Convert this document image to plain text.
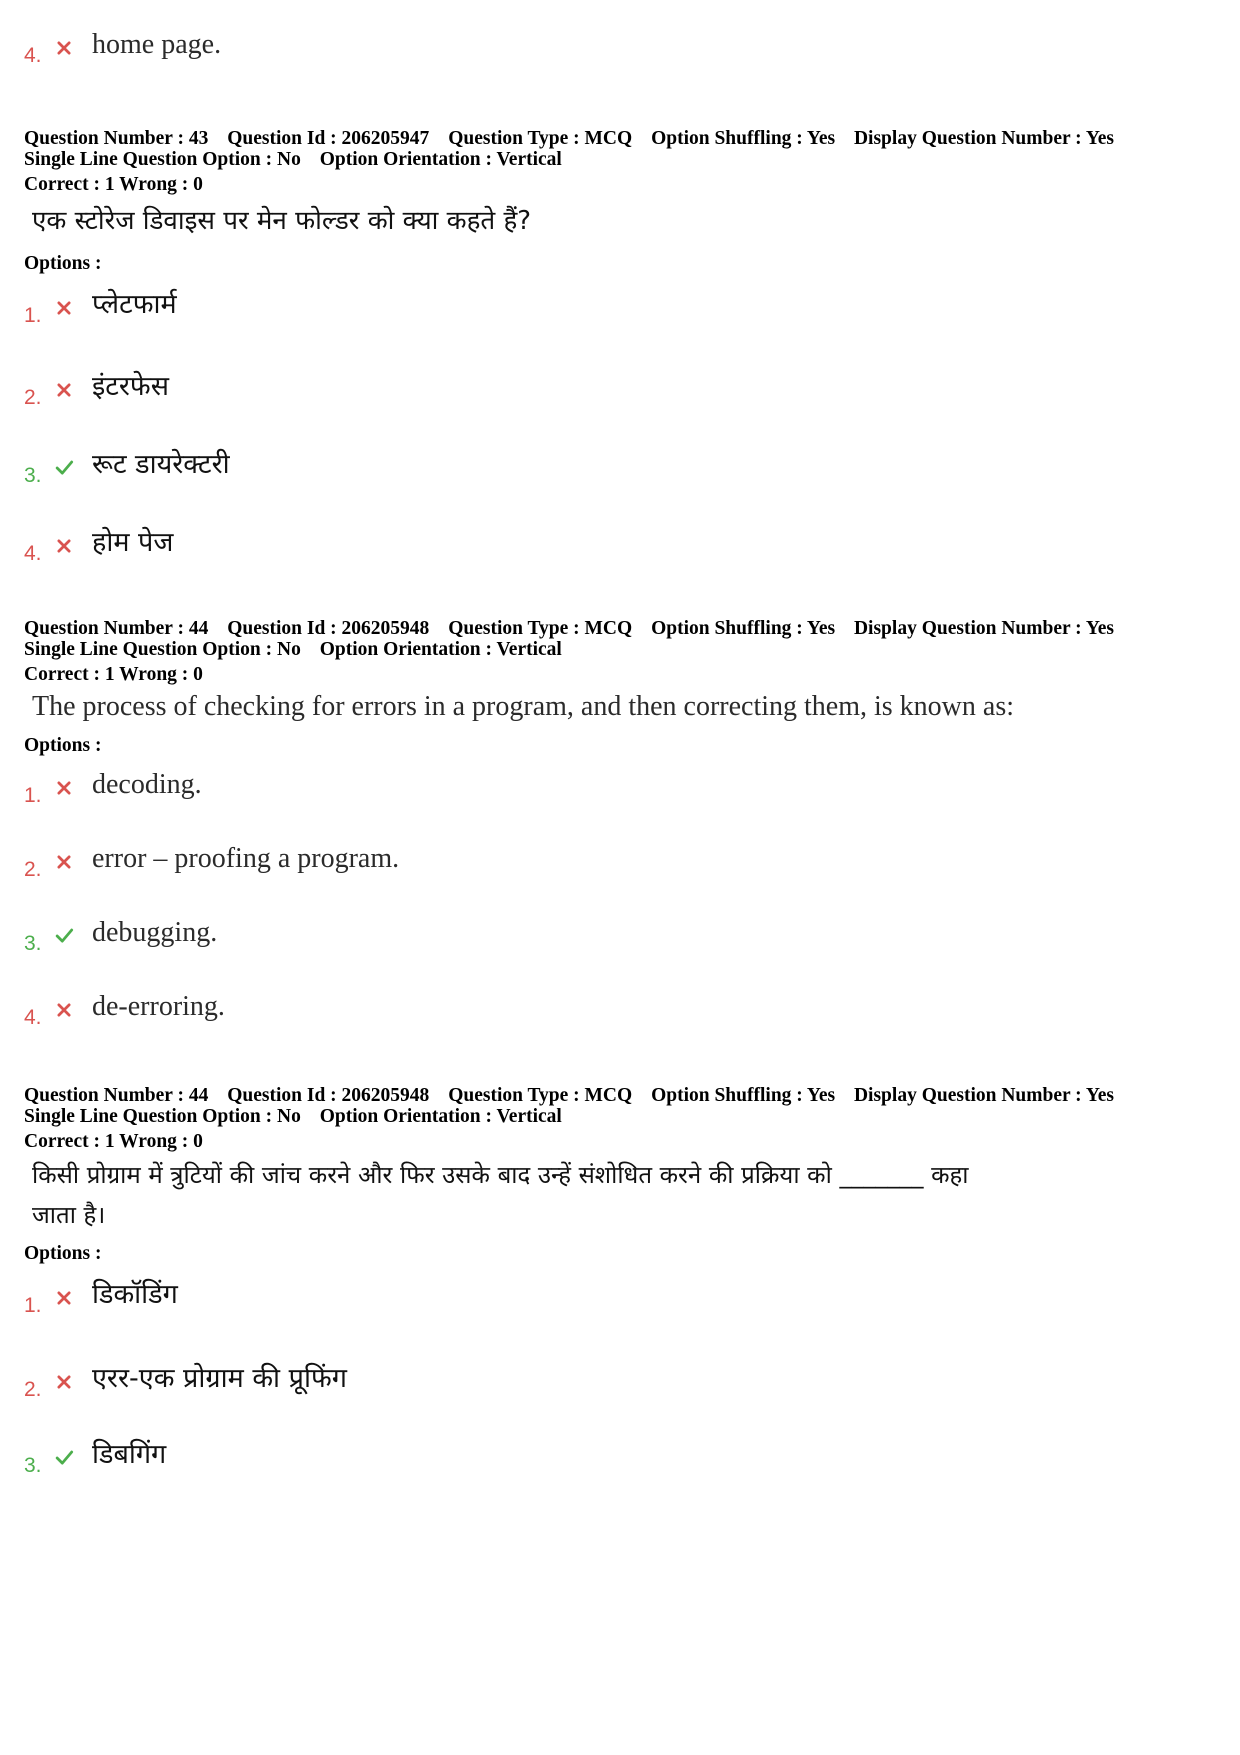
4. home page.
Question Number : 43 Question Id : 206205947 Question Type : MCQ Option Shuffling : Yes Display Question Number : Yes
Single Line Question Option : No Option Orientation : Vertical
Correct : 1 Wrong : 0
एक स्टोरेज डिवाइस पर मेन फोल्डर को क्या कहते हैं?
Options :
1. प्लेटफार्म
2. इंटरफेस
3. रूट डायरेक्टरी
4. होम पेज
Question Number : 44 Question Id : 206205948 Question Type : MCQ Option Shuffling : Yes Display Question Number : Yes
Single Line Question Option : No Option Orientation : Vertical
Correct : 1 Wrong : 0
The process of checking for errors in a program, and then correcting them, is known as:
Options :
1. decoding.
2. error – proofing a program.
3. debugging.
4. de-erroring.
Question Number : 44 Question Id : 206205948 Question Type : MCQ Option Shuffling : Yes Display Question Number : Yes
Single Line Question Option : No Option Orientation : Vertical
Correct : 1 Wrong : 0
किसी प्रोग्राम में त्रुटियों की जांच करने और फिर उसके बाद उन्हें संशोधित करने की प्रक्रिया को _______ कहा
जाता है।
Options :
1. डिकॉडिंग
2. एरर-एक प्रोग्राम की प्रूफिंग
3. डिबगिंग
